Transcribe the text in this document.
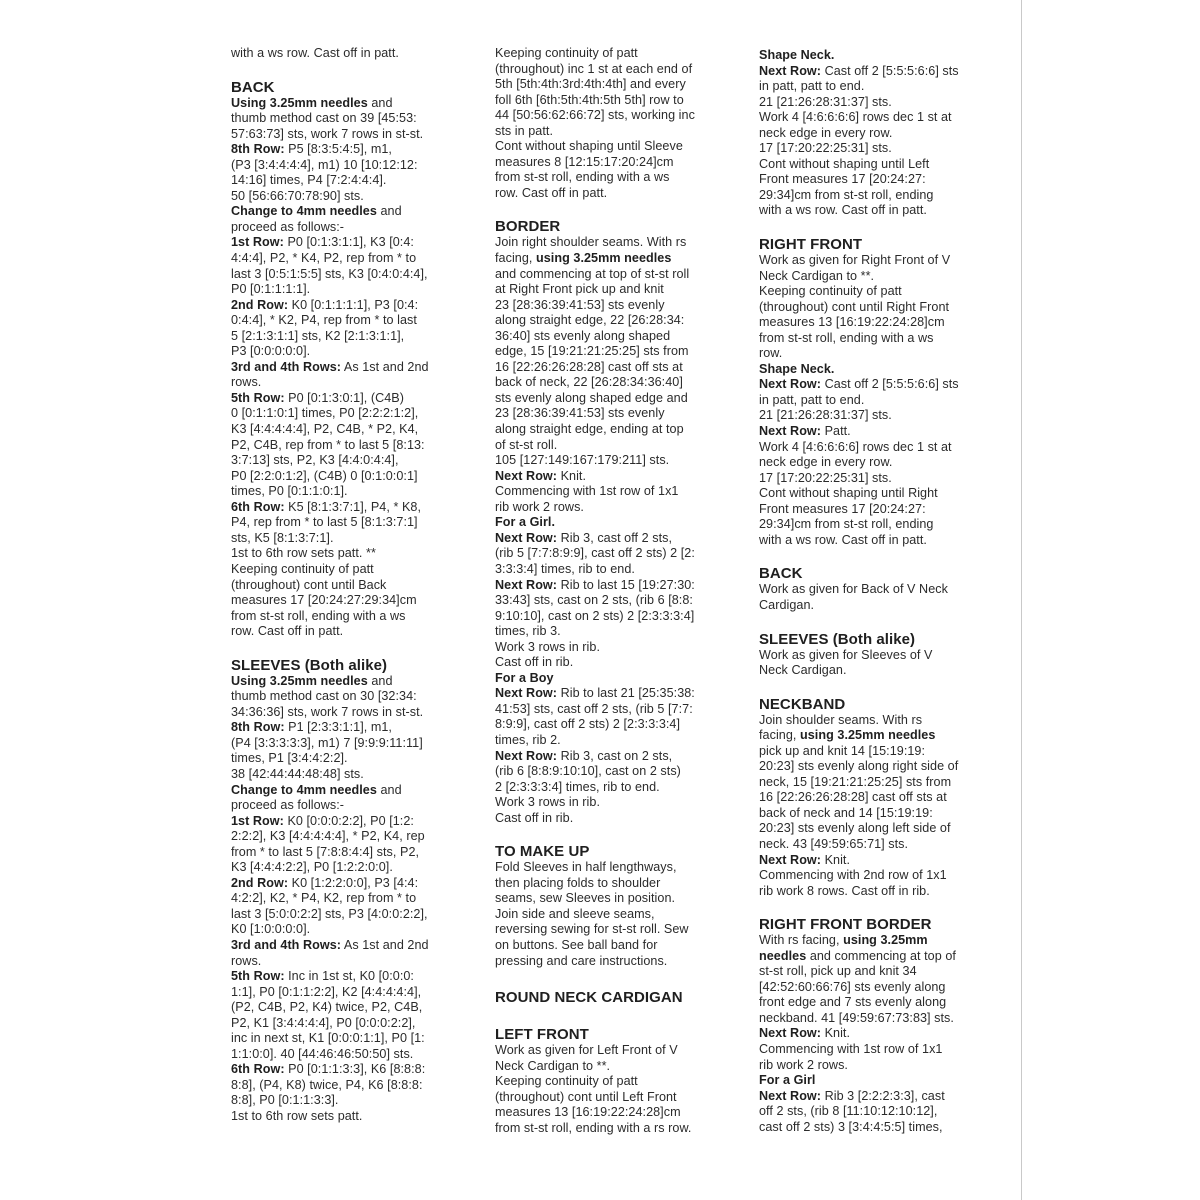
with a ws row. Cast off in patt.
BACK
Using 3.25mm needles and
thumb method cast on 39 [45:53:
57:63:73] sts, work 7 rows in st-st.
8th Row: P5 [8:3:5:4:5], m1,
(P3 [3:4:4:4:4], m1) 10 [10:12:12:
14:16] times, P4 [7:2:4:4:4].
50 [56:66:70:78:90] sts.
Change to 4mm needles and
proceed as follows:-
1st Row: P0 [0:1:3:1:1], K3 [0:4:
4:4:4], P2, * K4, P2, rep from * to
last 3 [0:5:1:5:5] sts, K3 [0:4:0:4:4],
P0 [0:1:1:1:1].
2nd Row: K0 [0:1:1:1:1], P3 [0:4:
0:4:4], * K2, P4, rep from * to last
5 [2:1:3:1:1] sts, K2 [2:1:3:1:1],
P3 [0:0:0:0:0].
3rd and 4th Rows: As 1st and 2nd
rows.
5th Row: P0 [0:1:3:0:1], (C4B)
0 [0:1:1:0:1] times, P0 [2:2:2:1:2],
K3 [4:4:4:4:4], P2, C4B, * P2, K4,
P2, C4B, rep from * to last 5 [8:13:
3:7:13] sts, P2, K3 [4:4:0:4:4],
P0 [2:2:0:1:2], (C4B) 0 [0:1:0:0:1]
times, P0 [0:1:1:0:1].
6th Row: K5 [8:1:3:7:1], P4, * K8,
P4, rep from * to last 5 [8:1:3:7:1]
sts, K5 [8:1:3:7:1].
1st to 6th row sets patt. **
Keeping continuity of patt
(throughout) cont until Back
measures 17 [20:24:27:29:34]cm
from st-st roll, ending with a ws
row. Cast off in patt.
SLEEVES (Both alike)
Using 3.25mm needles and
thumb method cast on 30 [32:34:
34:36:36] sts, work 7 rows in st-st.
8th Row: P1 [2:3:3:1:1], m1,
(P4 [3:3:3:3:3], m1) 7 [9:9:9:11:11]
times, P1 [3:4:4:2:2].
38 [42:44:44:48:48] sts.
Change to 4mm needles and
proceed as follows:-
1st Row: K0 [0:0:0:2:2], P0 [1:2:
2:2:2], K3 [4:4:4:4:4], * P2, K4, rep
from * to last 5 [7:8:8:4:4] sts, P2,
K3 [4:4:4:2:2], P0 [1:2:2:0:0].
2nd Row: K0 [1:2:2:0:0], P3 [4:4:
4:2:2], K2, * P4, K2, rep from * to
last 3 [5:0:0:2:2] sts, P3 [4:0:0:2:2],
K0 [1:0:0:0:0].
3rd and 4th Rows: As 1st and 2nd
rows.
5th Row: Inc in 1st st, K0 [0:0:0:
1:1], P0 [0:1:1:2:2], K2 [4:4:4:4:4],
(P2, C4B, P2, K4) twice, P2, C4B,
P2, K1 [3:4:4:4:4], P0 [0:0:0:2:2],
inc in next st, K1 [0:0:0:1:1], P0 [1:
1:1:0:0]. 40 [44:46:46:50:50] sts.
6th Row: P0 [0:1:1:3:3], K6 [8:8:8:
8:8], (P4, K8) twice, P4, K6 [8:8:8:
8:8], P0 [0:1:1:3:3].
1st to 6th row sets patt.
Keeping continuity of patt
(throughout) inc 1 st at each end of
5th [5th:4th:3rd:4th:4th] and every
foll 6th [6th:5th:4th:5th 5th] row to
44 [50:56:62:66:72] sts, working inc
sts in patt.
Cont without shaping until Sleeve
measures 8 [12:15:17:20:24]cm
from st-st roll, ending with a ws
row. Cast off in patt.
BORDER
Join right shoulder seams. With rs
facing, using 3.25mm needles
and commencing at top of st-st roll
at Right Front pick up and knit
23 [28:36:39:41:53] sts evenly
along straight edge, 22 [26:28:34:
36:40] sts evenly along shaped
edge, 15 [19:21:21:25:25] sts from
16 [22:26:26:28:28] cast off sts at
back of neck, 22 [26:28:34:36:40]
sts evenly along shaped edge and
23 [28:36:39:41:53] sts evenly
along straight edge, ending at top
of st-st roll.
105 [127:149:167:179:211] sts.
Next Row: Knit.
Commencing with 1st row of 1x1
rib work 2 rows.
For a Girl.
Next Row: Rib 3, cast off 2 sts,
(rib 5 [7:7:8:9:9], cast off 2 sts) 2 [2:
3:3:3:4] times, rib to end.
Next Row: Rib to last 15 [19:27:30:
33:43] sts, cast on 2 sts, (rib 6 [8:8:
9:10:10], cast on 2 sts) 2 [2:3:3:3:4]
times, rib 3.
Work 3 rows in rib.
Cast off in rib.
For a Boy
Next Row: Rib to last 21 [25:35:38:
41:53] sts, cast off 2 sts, (rib 5 [7:7:
8:9:9], cast off 2 sts) 2 [2:3:3:3:4]
times, rib 2.
Next Row: Rib 3, cast on 2 sts,
(rib 6 [8:8:9:10:10], cast on 2 sts)
2 [2:3:3:3:4] times, rib to end.
Work 3 rows in rib.
Cast off in rib.
TO MAKE UP
Fold Sleeves in half lengthways,
then placing folds to shoulder
seams, sew Sleeves in position.
Join side and sleeve seams,
reversing sewing for st-st roll. Sew
on buttons. See ball band for
pressing and care instructions.
ROUND NECK CARDIGAN
LEFT FRONT
Work as given for Left Front of V
Neck Cardigan to **.
Keeping continuity of patt
(throughout) cont until Left Front
measures 13 [16:19:22:24:28]cm
from st-st roll, ending with a rs row.
Shape Neck.
Next Row: Cast off 2 [5:5:5:6:6] sts
in patt, patt to end.
21 [21:26:28:31:37] sts.
Work 4 [4:6:6:6:6] rows dec 1 st at
neck edge in every row.
17 [17:20:22:25:31] sts.
Cont without shaping until Left
Front measures 17 [20:24:27:
29:34]cm from st-st roll, ending
with a ws row. Cast off in patt.
RIGHT FRONT
Work as given for Right Front of V
Neck Cardigan to **.
Keeping continuity of patt
(throughout) cont until Right Front
measures 13 [16:19:22:24:28]cm
from st-st roll, ending with a ws
row.
Shape Neck.
Next Row: Cast off 2 [5:5:5:6:6] sts
in patt, patt to end.
21 [21:26:28:31:37] sts.
Next Row: Patt.
Work 4 [4:6:6:6:6] rows dec 1 st at
neck edge in every row.
17 [17:20:22:25:31] sts.
Cont without shaping until Right
Front measures 17 [20:24:27:
29:34]cm from st-st roll, ending
with a ws row. Cast off in patt.
BACK
Work as given for Back of V Neck
Cardigan.
SLEEVES (Both alike)
Work as given for Sleeves of V
Neck Cardigan.
NECKBAND
Join shoulder seams. With rs
facing, using 3.25mm needles
pick up and knit 14 [15:19:19:
20:23] sts evenly along right side of
neck, 15 [19:21:21:25:25] sts from
16 [22:26:26:28:28] cast off sts at
back of neck and 14 [15:19:19:
20:23] sts evenly along left side of
neck. 43 [49:59:65:71] sts.
Next Row: Knit.
Commencing with 2nd row of 1x1
rib work 8 rows. Cast off in rib.
RIGHT FRONT BORDER
With rs facing, using 3.25mm
needles and commencing at top of
st-st roll, pick up and knit 34
[42:52:60:66:76] sts evenly along
front edge and 7 sts evenly along
neckband. 41 [49:59:67:73:83] sts.
Next Row: Knit.
Commencing with 1st row of 1x1
rib work 2 rows.
For a Girl
Next Row: Rib 3 [2:2:2:3:3], cast
off 2 sts, (rib 8 [11:10:12:10:12],
cast off 2 sts) 3 [3:4:4:5:5] times,
